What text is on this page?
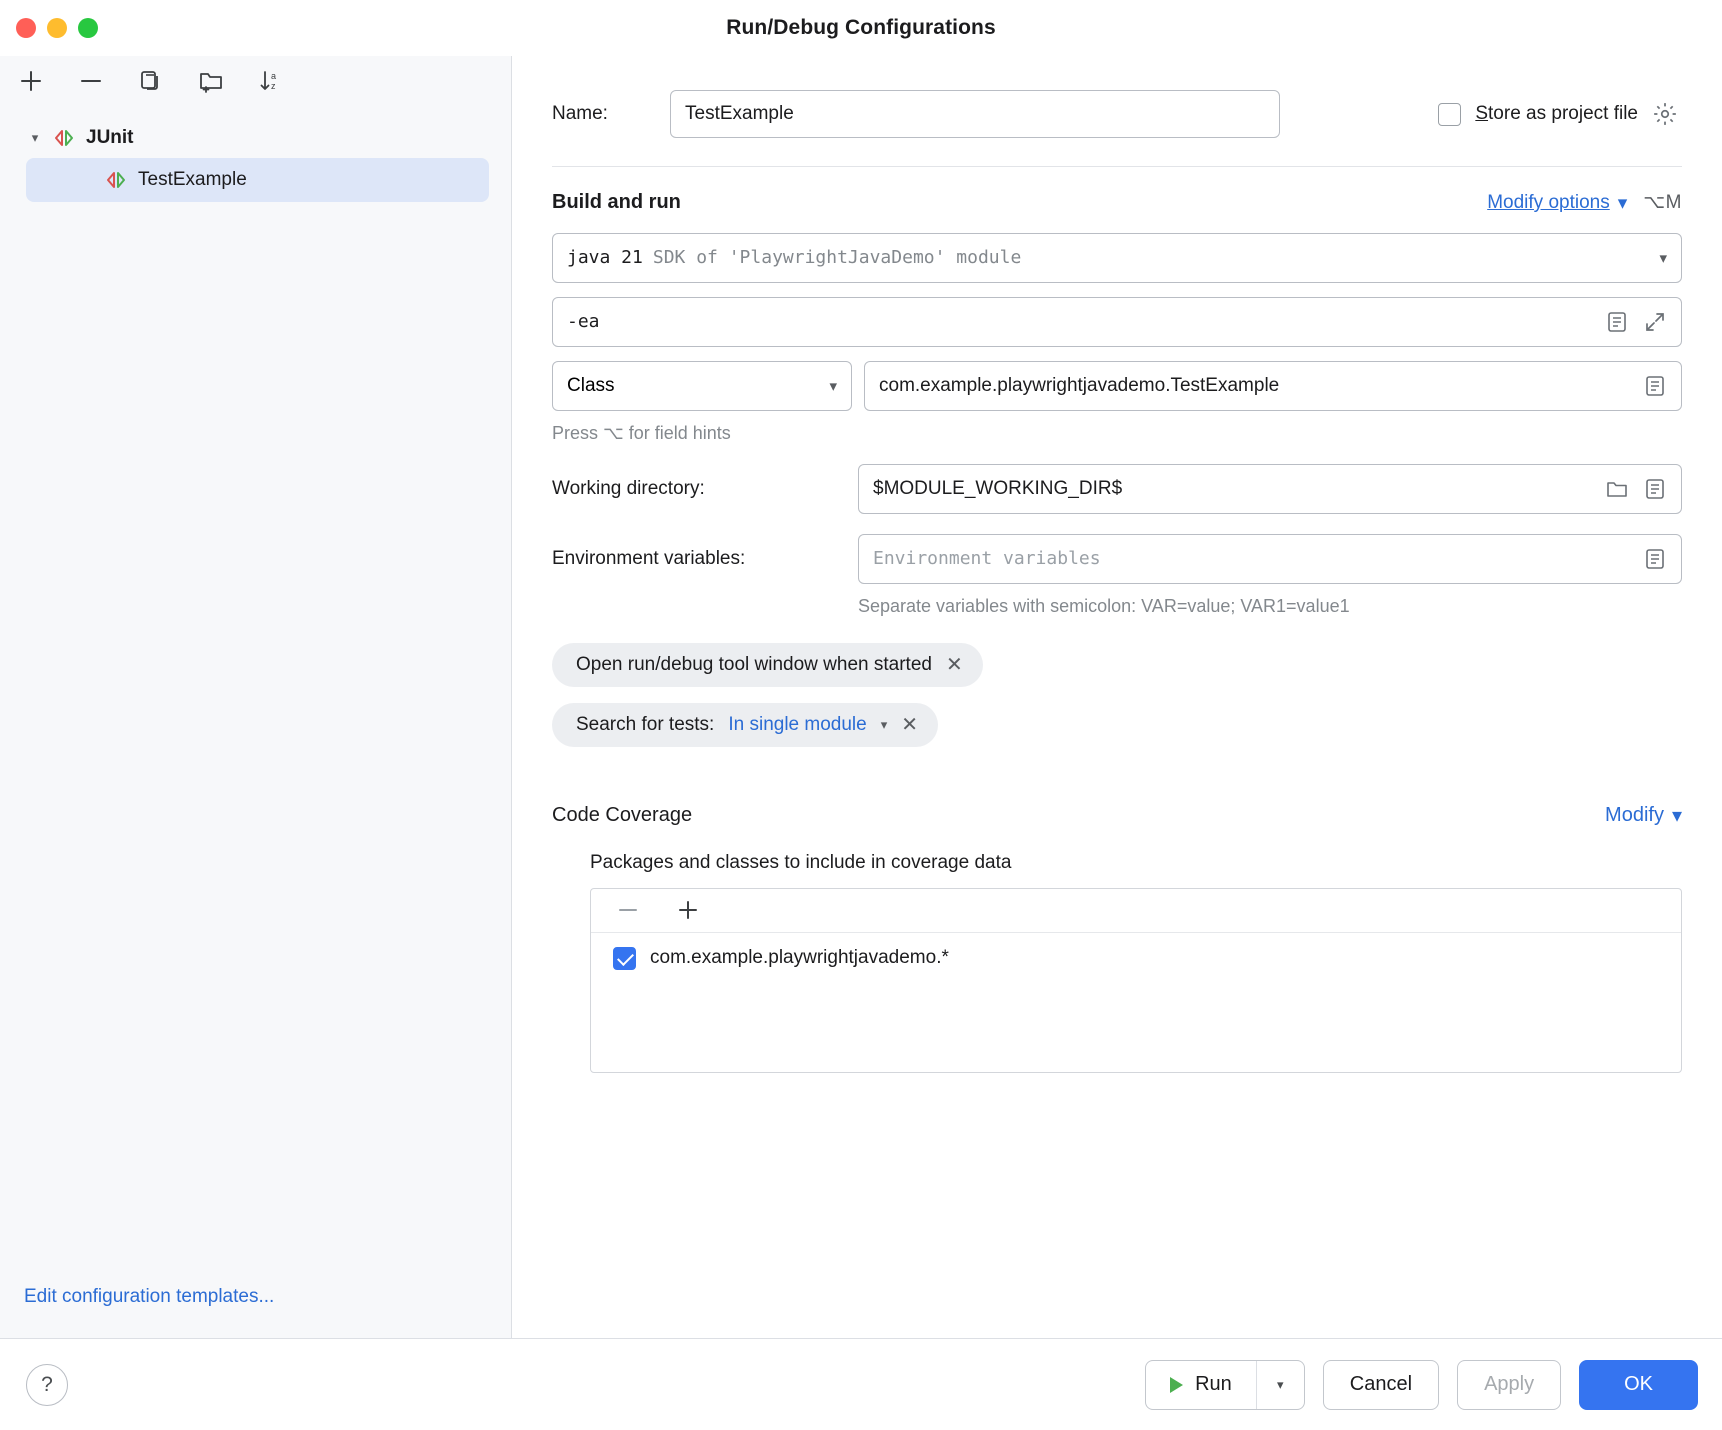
Run/Debug Configurations
a
z
▾	JUnit
TestExample
Edit configuration templates...
Name:
TestExample	Store as project file
Build and run	Modify options ▾ ⌥M
java 21 SDK of 'PlaywrightJavaDemo' module	▾
-ea
Class	▾ com.example.playwrightjavademo.TestExample
Press ⌥ for field hints
Working directory:	$MODULE_WORKING_DIR$
Environment variables:	Environment variables
Separate variables with semicolon: VAR=value; VAR1=value1
Open run/debug tool window when started ✕

Search for tests: In single module ▾ ✕
Code Coverage	Modify ▾
Packages and classes to include in coverage data
com.example.playwrightjavademo.*
?	Run	▾	Cancel	Apply	OK
